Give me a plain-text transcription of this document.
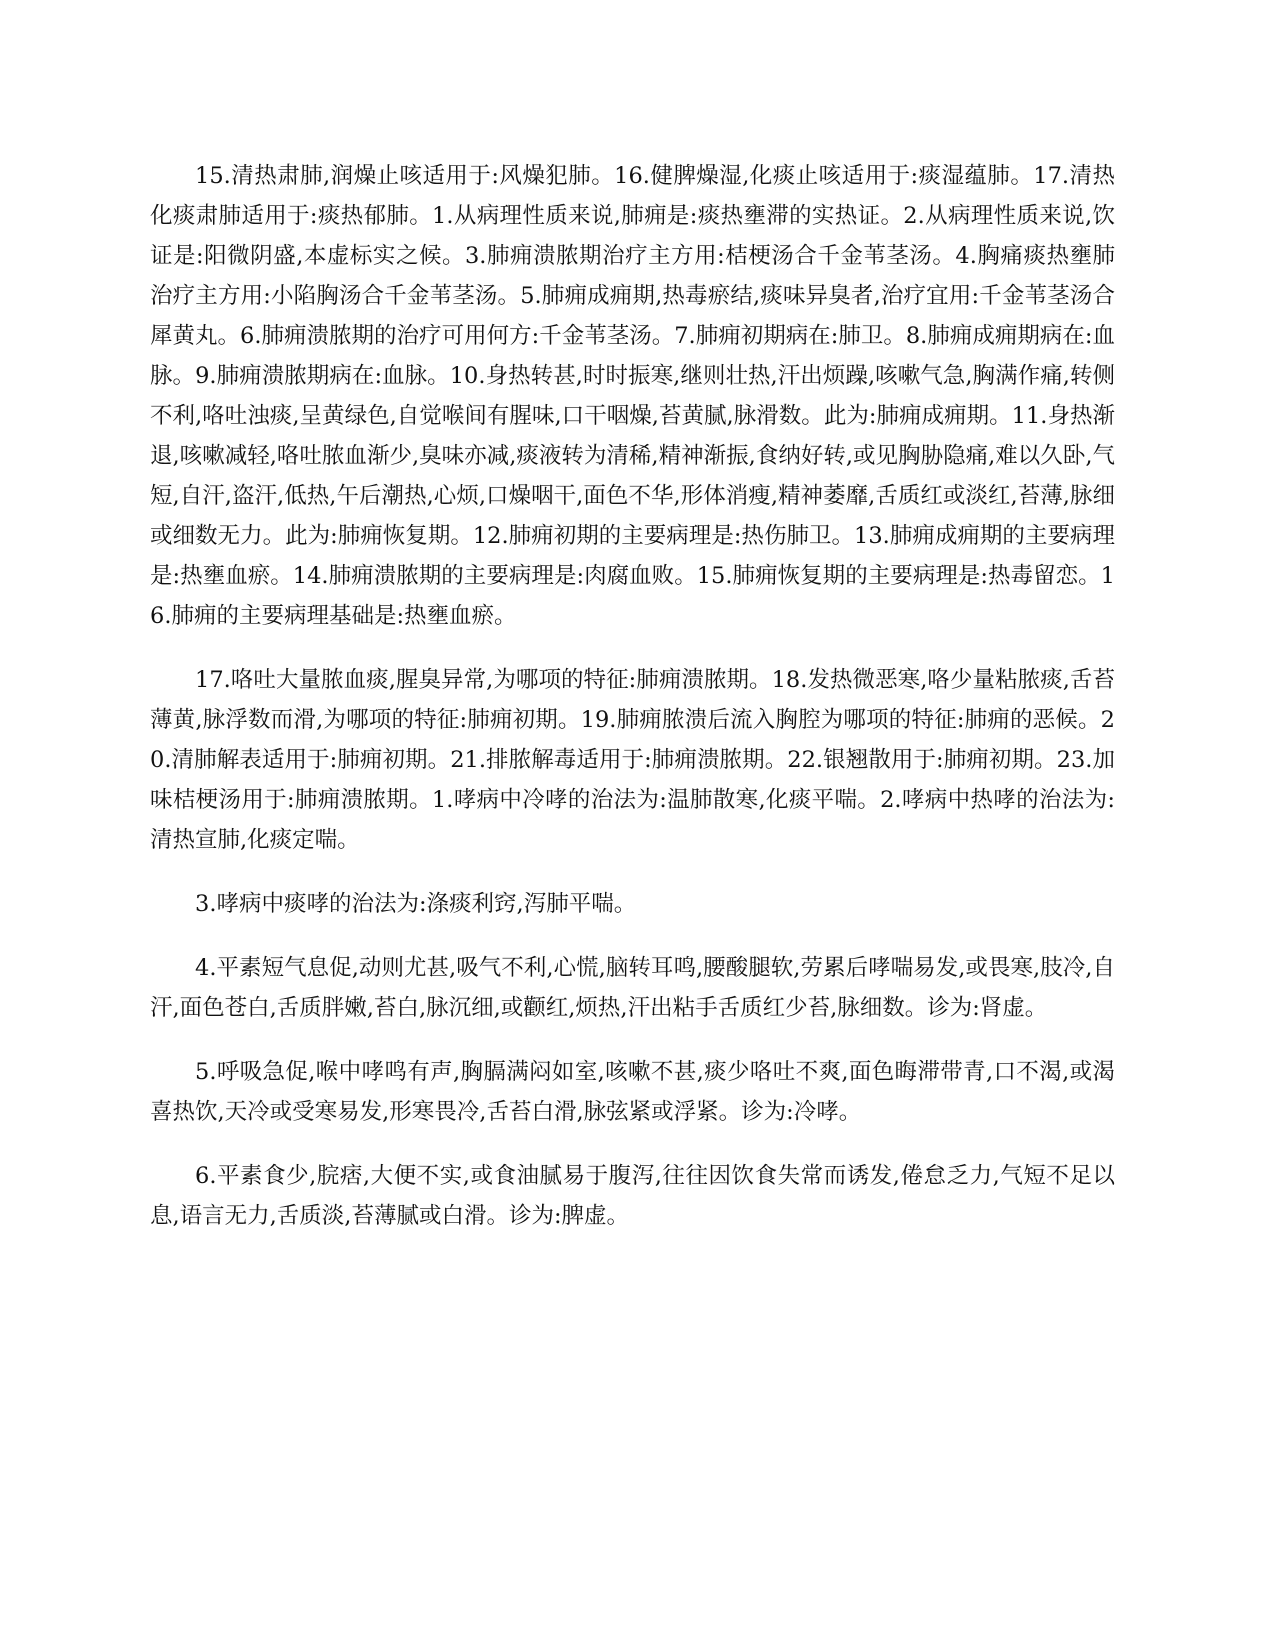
15.清热肃肺,润燥止咳适用于:风燥犯肺。16.健脾燥湿,化痰止咳适用于:痰湿蕴肺。17.清热化痰肃肺适用于:痰热郁肺。1.从病理性质来说,肺痈是:痰热壅滞的实热证。2.从病理性质来说,饮证是:阳微阴盛,本虚标实之候。3.肺痈溃脓期治疗主方用:桔梗汤合千金苇茎汤。4.胸痛痰热壅肺治疗主方用:小陷胸汤合千金苇茎汤。5.肺痈成痈期,热毒瘀结,痰味异臭者,治疗宜用:千金苇茎汤合犀黄丸。6.肺痈溃脓期的治疗可用何方:千金苇茎汤。7.肺痈初期病在:肺卫。8.肺痈成痈期病在:血脉。9.肺痈溃脓期病在:血脉。10.身热转甚,时时振寒,继则壮热,汗出烦躁,咳嗽气急,胸满作痛,转侧不利,咯吐浊痰,呈黄绿色,自觉喉间有腥味,口干咽燥,苔黄腻,脉滑数。此为:肺痈成痈期。11.身热渐退,咳嗽减轻,咯吐脓血渐少,臭味亦减,痰液转为清稀,精神渐振,食纳好转,或见胸胁隐痛,难以久卧,气短,自汗,盗汗,低热,午后潮热,心烦,口燥咽干,面色不华,形体消瘦,精神萎靡,舌质红或淡红,苔薄,脉细或细数无力。此为:肺痈恢复期。12.肺痈初期的主要病理是:热伤肺卫。13.肺痈成痈期的主要病理是:热壅血瘀。14.肺痈溃脓期的主要病理是:肉腐血败。15.肺痈恢复期的主要病理是:热毒留恋。16.肺痈的主要病理基础是:热壅血瘀。

17.咯吐大量脓血痰,腥臭异常,为哪项的特征:肺痈溃脓期。18.发热微恶寒,咯少量粘脓痰,舌苔薄黄,脉浮数而滑,为哪项的特征:肺痈初期。19.肺痈脓溃后流入胸腔为哪项的特征:肺痈的恶候。20.清肺解表适用于:肺痈初期。21.排脓解毒适用于:肺痈溃脓期。22.银翘散用于:肺痈初期。23.加味桔梗汤用于:肺痈溃脓期。1.哮病中冷哮的治法为:温肺散寒,化痰平喘。2.哮病中热哮的治法为:清热宣肺,化痰定喘。

3.哮病中痰哮的治法为:涤痰利窍,泻肺平喘。

4.平素短气息促,动则尤甚,吸气不利,心慌,脑转耳鸣,腰酸腿软,劳累后哮喘易发,或畏寒,肢冷,自汗,面色苍白,舌质胖嫩,苔白,脉沉细,或颧红,烦热,汗出粘手舌质红少苔,脉细数。诊为:肾虚。

5.呼吸急促,喉中哮鸣有声,胸膈满闷如室,咳嗽不甚,痰少咯吐不爽,面色晦滞带青,口不渴,或渴喜热饮,天冷或受寒易发,形寒畏冷,舌苔白滑,脉弦紧或浮紧。诊为:冷哮。

6.平素食少,脘痞,大便不实,或食油腻易于腹泻,往往因饮食失常而诱发,倦怠乏力,气短不足以息,语言无力,舌质淡,苔薄腻或白滑。诊为:脾虚。
